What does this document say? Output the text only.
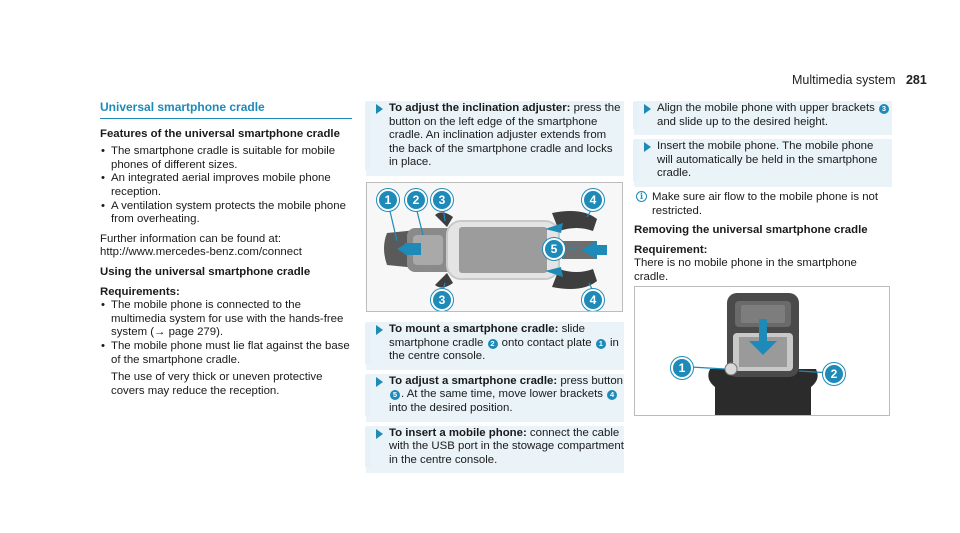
Multimedia system 281
Universal smartphone cradle
Features of the universal smartphone cradle
• The smartphone cradle is suitable for mobile phones of different sizes.
• An integrated aerial improves mobile phone reception.
• A ventilation system protects the mobile phone from overheating.
Further information can be found at: http://www.mercedes-benz.com/connect
Using the universal smartphone cradle
Requirements:
• The mobile phone is connected to the multimedia system for use with the hands-free system (→ page 279).
• The mobile phone must lie flat against the base of the smartphone cradle.
The use of very thick or uneven protective covers may reduce the reception.
To adjust the inclination adjuster: press the button on the left edge of the smartphone cradle. An inclination adjuster extends from the back of the smartphone cradle and locks in place.
1	2	3	4
5
3	4
To mount a smartphone cradle: slide smartphone cradle 2 onto contact plate 1 in the centre console.
To adjust a smartphone cradle: press button 5 . At the same time, move lower brackets 4 into the desired position.
To insert a mobile phone: connect the cable with the USB port in the stowage compartment in the centre console.
Align the mobile phone with upper brackets 3 and slide up to the desired height.
Insert the mobile phone. The mobile phone will automatically be held in the smartphone cradle.
i Make sure air flow to the mobile phone is not restricted.
Removing the universal smartphone cradle
Requirement:
There is no mobile phone in the smartphone cradle.
1	2
